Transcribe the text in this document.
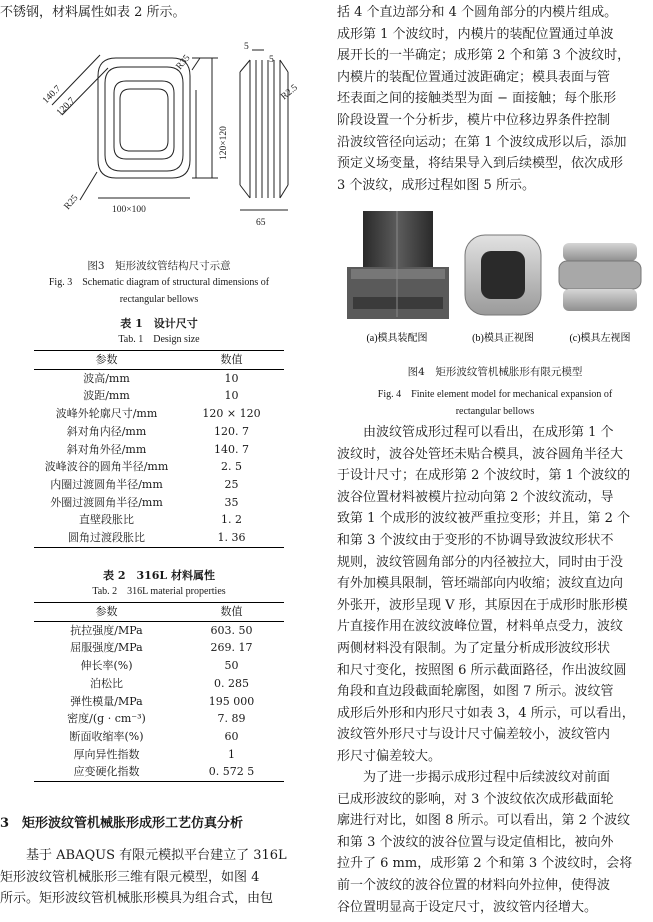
不锈钢，材料属性如表 2 所示。

140.7
120.7
R35
R25	100×100
120×120
5
5
R2.5
65

图3　矩形波纹管结构尺寸示意

Fig. 3　Schematic diagram of structural dimensions of

rectangular bellows

表 1　设计尺寸

Tab. 1　Design size

参数	数值
波高/mm	10
波距/mm	10
波峰外轮廓尺寸/mm	120 × 120
斜对角内径/mm	120. 7
斜对角外径/mm	140. 7
波峰波谷的圆角半径/mm	2. 5
内圈过渡圆角半径/mm	25
外圈过渡圆角半径/mm	35
直壁段胀比	1. 2
圆角过渡段胀比	1. 36

表 2　316L 材料属性

Tab. 2　316L material properties

参数	数值
抗拉强度/MPa	603. 50
屈服强度/MPa	269. 17
伸长率(%)	50
泊松比	0. 285
弹性模量/MPa	195 000
密度/(g · cm⁻³)	7. 89
断面收缩率(%)	60
厚向异性指数	1
应变硬化指数	0. 572 5

3　矩形波纹管机械胀形成形工艺仿真分析

基于 ABAQUS 有限元模拟平台建立了 316L

矩形波纹管机械胀形三维有限元模型，如图 4

所示。矩形波纹管机械胀形模具为组合式，由包

括 4 个直边部分和 4 个圆角部分的内模片组成。

成形第 1 个波纹时，内模片的装配位置通过单波

展开长的一半确定；成形第 2 个和第 3 个波纹时，

内模片的装配位置通过波距确定；模具表面与管

坯表面之间的接触类型为面 − 面接触；每个胀形

阶段设置一个分析步，模片中位移边界条件控制

沿波纹管径向运动；在第 1 个波纹成形以后，添加

预定义场变量，将结果导入到后续模型，依次成形

3 个波纹，成形过程如图 5 所示。

(a)模具装配图	(b)模具正视图	(c)模具左视图

图4　矩形波纹管机械胀形有限元模型

Fig. 4　Finite element model for mechanical expansion of

rectangular bellows

由波纹管成形过程可以看出，在成形第 1 个

波纹时，波谷处管坯未贴合模具，波谷圆角半径大

于设计尺寸；在成形第 2 个波纹时，第 1 个波纹的

波谷位置材料被模片拉动向第 2 个波纹流动，导

致第 1 个成形的波纹被严重拉变形；并且，第 2 个

和第 3 个波纹由于变形的不协调导致波纹形状不

规则，波纹管圆角部分的内径被拉大，同时由于没

有外加模具限制，管坯端部向内收缩；波纹直边向

外张开，波形呈现 V 形，其原因在于成形时胀形模

片直接作用在波纹波峰位置，材料单点受力，波纹

两侧材料没有限制。为了定量分析成形波纹形状

和尺寸变化，按照图 6 所示截面路径，作出波纹圆

角段和直边段截面轮廓图，如图 7 所示。波纹管

成形后外形和内形尺寸如表 3，4 所示，可以看出，

波纹管外形尺寸与设计尺寸偏差较小，波纹管内

形尺寸偏差较大。

为了进一步揭示成形过程中后续波纹对前面

已成形波纹的影响，对 3 个波纹依次成形截面轮

廓进行对比，如图 8 所示。可以看出，第 2 个波纹

和第 3 个波纹的波谷位置与设定值相比，被向外

拉升了 6 mm，成形第 2 个和第 3 个波纹时，会将

前一个波纹的波谷位置的材料向外拉伸，使得波

谷位置明显高于设定尺寸，波纹管内径增大。
